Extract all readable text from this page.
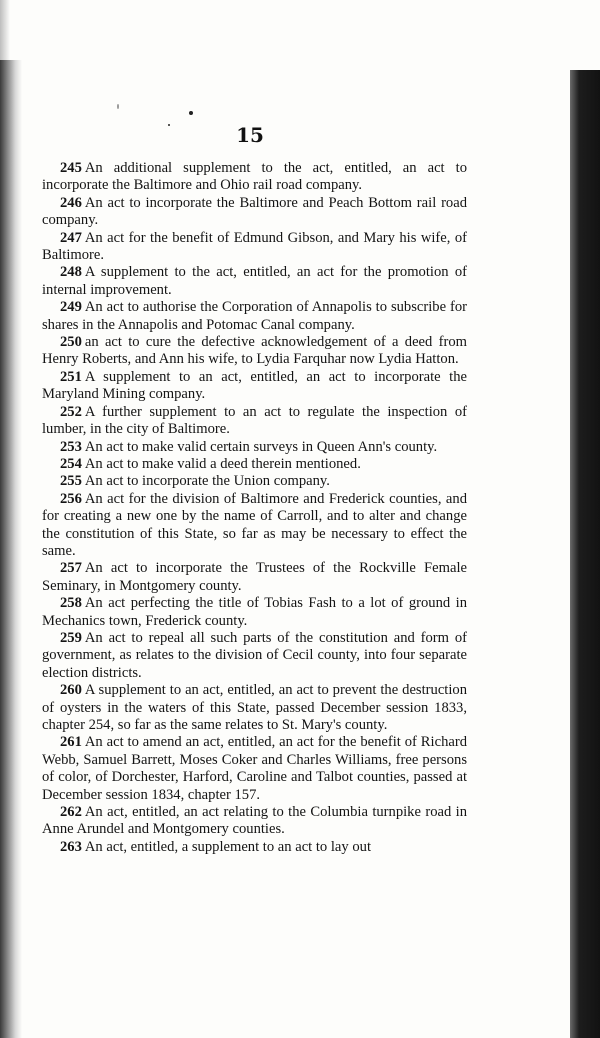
15

245 An additional supplement to the act, entitled, an act to incorporate the Baltimore and Ohio rail road company.

246 An act to incorporate the Baltimore and Peach Bottom rail road company.

247 An act for the benefit of Edmund Gibson, and Mary his wife, of Baltimore.

248 A supplement to the act, entitled, an act for the promotion of internal improvement.

249 An act to authorise the Corporation of Annapolis to subscribe for shares in the Annapolis and Potomac Canal company.

250 an act to cure the defective acknowledgement of a deed from Henry Roberts, and Ann his wife, to Lydia Farquhar now Lydia Hatton.

251 A supplement to an act, entitled, an act to incorporate the Maryland Mining company.

252 A further supplement to an act to regulate the inspection of lumber, in the city of Baltimore.

253 An act to make valid certain surveys in Queen Ann's county.

254 An act to make valid a deed therein mentioned.

255 An act to incorporate the Union company.

256 An act for the division of Baltimore and Frederick counties, and for creating a new one by the name of Carroll, and to alter and change the constitution of this State, so far as may be necessary to effect the same.

257 An act to incorporate the Trustees of the Rockville Female Seminary, in Montgomery county.

258 An act perfecting the title of Tobias Fash to a lot of ground in Mechanics town, Frederick county.

259 An act to repeal all such parts of the constitution and form of government, as relates to the division of Cecil county, into four separate election districts.

260 A supplement to an act, entitled, an act to prevent the destruction of oysters in the waters of this State, passed December session 1833, chapter 254, so far as the same relates to St. Mary's county.

261 An act to amend an act, entitled, an act for the benefit of Richard Webb, Samuel Barrett, Moses Coker and Charles Williams, free persons of color, of Dorchester, Harford, Caroline and Talbot counties, passed at December session 1834, chapter 157.

262 An act, entitled, an act relating to the Columbia turnpike road in Anne Arundel and Montgomery counties.

263 An act, entitled, a supplement to an act to lay out
